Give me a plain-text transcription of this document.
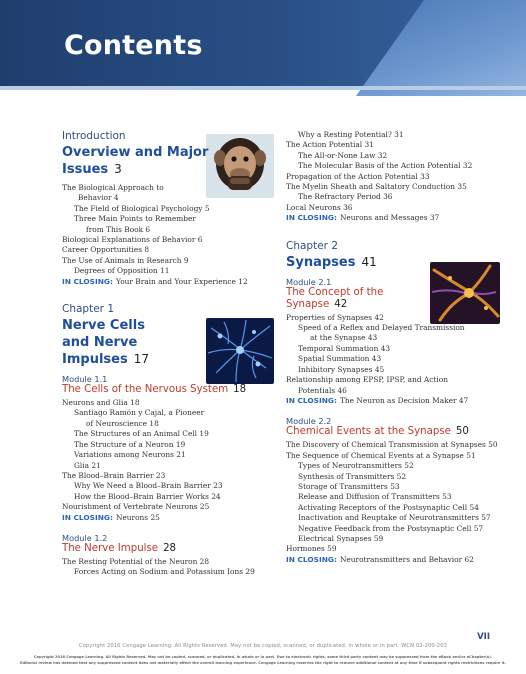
Contents
Introduction
Overview and Major
Issues 3
The Biological Approach to
Behavior 4
The Field of Biological Psychology 5
Three Main Points to Remember
from This Book 6
Biological Explanations of Behavior 6
Career Opportunities 8
The Use of Animals in Research 9
Degrees of Opposition 11
IN CLOSING: Your Brain and Your Experience 12
Chapter 1
Nerve Cells
and Nerve
Impulses 17
Module 1.1
The Cells of the Nervous System 18
Neurons and Glia 18
Santiago Ramón y Cajal, a Pioneer
of Neuroscience 18
The Structures of an Animal Cell 19
The Structure of a Neuron 19
Variations among Neurons 21
Glia 21
The Blood–Brain Barrier 23
Why We Need a Blood–Brain Barrier 23
How the Blood–Brain Barrier Works 24
Nourishment of Vertebrate Neurons 25
IN CLOSING: Neurons 25
Module 1.2
The Nerve Impulse 28
The Resting Potential of the Neuron 28
Forces Acting on Sodium and Potassium Ions 29
Why a Resting Potential? 31
The Action Potential 31
The All-or-None Law 32
The Molecular Basis of the Action Potential 32
Propagation of the Action Potential 33
The Myelin Sheath and Saltatory Conduction 35
The Refractory Period 36
Local Neurons 36
IN CLOSING: Neurons and Messages 37
Chapter 2
Synapses 41
Module 2.1
The Concept of the
Synapse 42
Properties of Synapses 42
Speed of a Reflex and Delayed Transmission
at the Synapse 43
Temporal Summation 43
Spatial Summation 43
Inhibitory Synapses 45
Relationship among EPSP, IPSP, and Action
Potentials 46
IN CLOSING: The Neuron as Decision Maker 47
Module 2.2
Chemical Events at the Synapse 50
The Discovery of Chemical Transmission at Synapses 50
The Sequence of Chemical Events at a Synapse 51
Types of Neurotransmitters 52
Synthesis of Transmitters 52
Storage of Transmitters 53
Release and Diffusion of Transmitters 53
Activating Receptors of the Postsynaptic Cell 54
Inactivation and Reuptake of Neurotransmitters 57
Negative Feedback from the Postsynaptic Cell 57
Electrical Synapses 59
Hormones 59
IN CLOSING: Neurotransmitters and Behavior 62
VII
Copyright 2016 Cengage Learning. All Rights Reserved. May not be copied, scanned, or duplicated, in whole or in part. WCN 02-200-203
Copyright 2016 Cengage Learning. All Rights Reserved. May not be copied, scanned, or duplicated, in whole or in part. Due to electronic rights, some third party content may be suppressed from the eBook and/or eChapter(s).
Editorial review has deemed that any suppressed content does not materially affect the overall learning experience. Cengage Learning reserves the right to remove additional content at any time if subsequent rights restrictions require it.
